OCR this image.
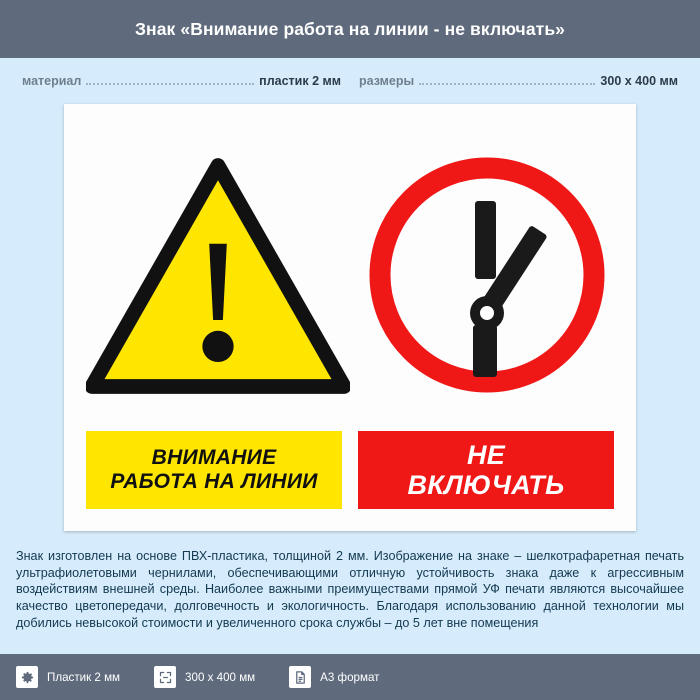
Знак «Внимание работа на линии - не включать»
материал	пластик 2 мм размеры	300 x 400 мм
ВНИМАНИЕ
РАБОТА НА ЛИНИИ
НЕ
ВКЛЮЧАТЬ
Знак изготовлен на основе ПВХ-пластика, толщиной 2 мм. Изображение на знаке – шелкотрафаретная печать ультрафиолетовыми чернилами, обеспечивающими отличную устойчивость знака даже к агрессивным воздействиям внешней среды. Наиболее важными преимуществами прямой УФ печати являются высочайшее качество цветопередачи, долговечность и экологичность. Благодаря использованию данной технологии мы добились невысокой стоимости и увеличенного срока службы – до 5 лет вне помещения
Пластик 2 мм	300 x 400 мм	A3 формат
